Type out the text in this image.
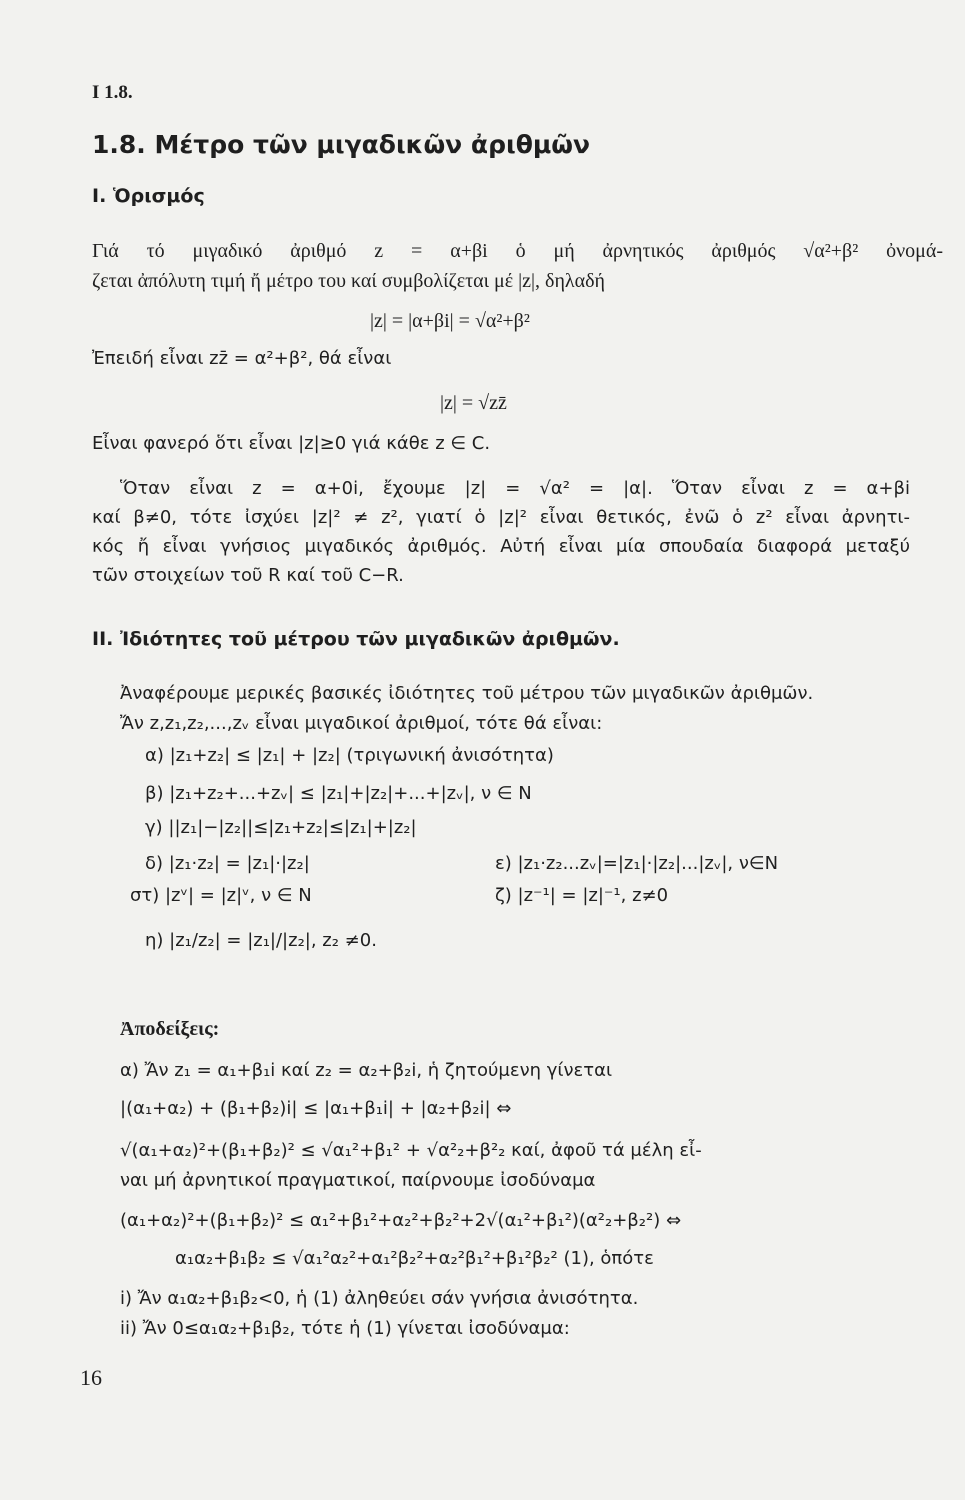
I 1.8.
1.8. Μέτρο τῶν μιγαδικῶν ἀριθμῶν
I. Ὁρισμός
Γιά τό μιγαδικό ἀριθμό z = α+βi ὁ μή ἀρνητικός ἀριθμός √α²+β² ὀνομά-
ζεται ἀπόλυτη τιμή ἤ μέτρο του καί συμβολίζεται μέ |z|, δηλαδή
|z| = |α+βi| = √α²+β²
Ἐπειδή εἶναι zz̄ = α²+β², θά εἶναι
|z| = √zz̄
Εἶναι φανερό ὅτι εἶναι |z|≥0 γιά κάθε z ∈ C.
Ὅταν εἶναι z = α+0i, ἔχουμε |z| = √α² = |α|. Ὅταν εἶναι z = α+βi
καί β≠0, τότε ἰσχύει |z|² ≠ z², γιατί ὁ |z|² εἶναι θετικός, ἐνῶ ὁ z² εἶναι ἀρνητι-
κός ἤ εἶναι γνήσιος μιγαδικός ἀριθμός. Αὐτή εἶναι μία σπουδαία διαφορά μεταξύ
τῶν στοιχείων τοῦ R καί τοῦ C−R.
II. Ἰδιότητες τοῦ μέτρου τῶν μιγαδικῶν ἀριθμῶν.
Ἀναφέρουμε μερικές βασικές ἰδιότητες τοῦ μέτρου τῶν μιγαδικῶν ἀριθμῶν.
Ἄν z,z₁,z₂,...,zᵥ εἶναι μιγαδικοί ἀριθμοί, τότε θά εἶναι:
α) |z₁+z₂| ≤ |z₁| + |z₂| (τριγωνική ἀνισότητα)
β) |z₁+z₂+...+zᵥ| ≤ |z₁|+|z₂|+...+|zᵥ|, ν ∈ N
γ) ||z₁|−|z₂||≤|z₁+z₂|≤|z₁|+|z₂|
δ) |z₁·z₂| = |z₁|·|z₂|	ε) |z₁·z₂...zᵥ|=|z₁|·|z₂|...|zᵥ|, ν∈N
στ) |zᵛ| = |z|ᵛ, ν ∈ N	ζ) |z⁻¹| = |z|⁻¹, z≠0
η) |z₁/z₂| = |z₁|/|z₂|, z₂ ≠0.
Ἀποδείξεις:
α) Ἄν z₁ = α₁+β₁i καί z₂ = α₂+β₂i, ἡ ζητούμενη γίνεται
|(α₁+α₂) + (β₁+β₂)i| ≤ |α₁+β₁i| + |α₂+β₂i| ⇔
√(α₁+α₂)²+(β₁+β₂)² ≤ √α₁²+β₁² + √α²₂+β²₂ καί, ἀφοῦ τά μέλη εἶ-
ναι μή ἀρνητικοί πραγματικοί, παίρνουμε ἰσοδύναμα
(α₁+α₂)²+(β₁+β₂)² ≤ α₁²+β₁²+α₂²+β₂²+2√(α₁²+β₁²)(α²₂+β₂²) ⇔
α₁α₂+β₁β₂ ≤ √α₁²α₂²+α₁²β₂²+α₂²β₁²+β₁²β₂² (1), ὁπότε
i) Ἄν α₁α₂+β₁β₂<0, ἡ (1) ἀληθεύει σάν γνήσια ἀνισότητα.
ii) Ἄν 0≤α₁α₂+β₁β₂, τότε ἡ (1) γίνεται ἰσοδύναμα:
16
